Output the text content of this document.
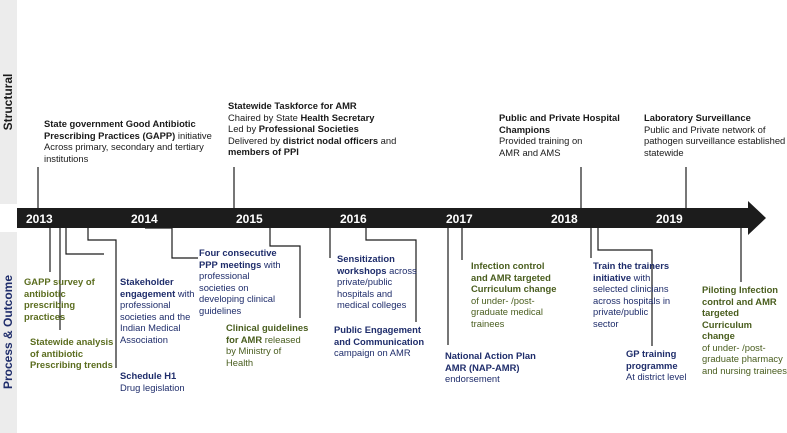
Structural
Process & Outcome
2013	2014	2015	2016	2017	2018	2019
State government Good Antibiotic
Prescribing Practices (GAPP) initiative
Across primary, secondary and tertiary
institutions
Statewide Taskforce for AMR
Chaired by State Health Secretary
Led by Professional Societies
Delivered by district nodal officers and
members of PPI
Public and Private Hospital
Champions
Provided training on
AMR and AMS
Laboratory Surveillance
Public and Private network of
pathogen surveillance established
statewide
GAPP survey of
antibiotic
prescribing
practices
Statewide analysis
of antibiotic
Prescribing trends
Stakeholder
engagement with
professional
societies and the
Indian Medical
Association
Schedule H1
Drug legislation
Four consecutive
PPP meetings with
professional
societies on
developing clinical
guidelines
Clinical guidelines
for AMR released
by Ministry of
Health
Sensitization
workshops across
private/public
hospitals and
medical colleges
Public Engagement
and Communication
campaign on AMR	National Action Plan
AMR (NAP-AMR)
endorsement
Infection control
and AMR targeted
Curriculum change
of under- /post-
graduate medical
trainees
Train the trainers
initiative with
selected clinicians
across hospitals in
private/public
sector
GP training
programme
At district level
Piloting Infection
control and AMR
targeted
Curriculum change
of under- /post-
graduate pharmacy
and nursing trainees
